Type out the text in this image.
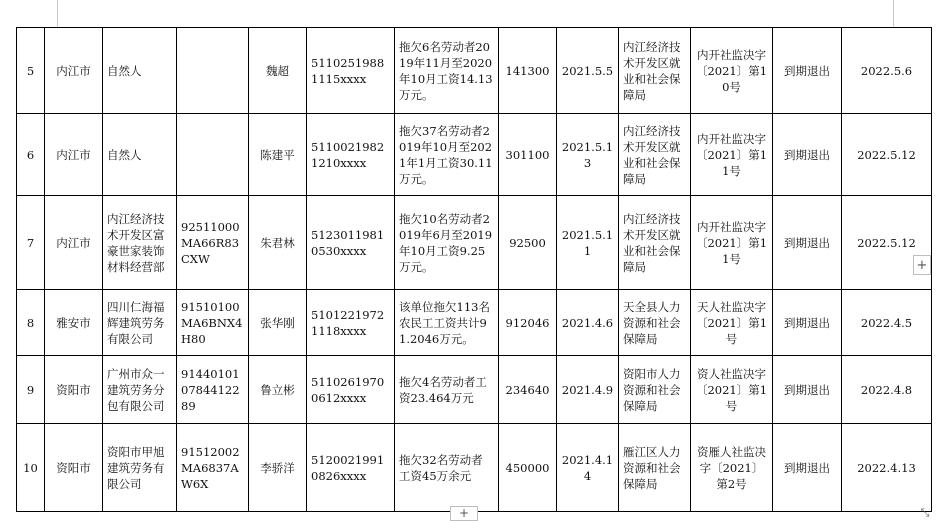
5	内江市	自然人		魏超	51102519881115xxxx	拖欠6名劳动者2019年11月至2020年10月工资14.13万元。	141300	2021.5.5	内江经济技术开发区就业和社会保障局	内开社监决字〔2021〕第10号	到期退出	2022.5.6
6	内江市	自然人		陈建平	51100219821210xxxx	拖欠37名劳动者2019年10月至2021年1月工资30.11万元。	301100	2021.5.13	内江经济技术开发区就业和社会保障局	内开社监决字〔2021〕第11号	到期退出	2022.5.12
7	内江市	内江经济技术开发区富豪世家装饰材料经营部	92511000MA66R83CXW	朱君林	51230119810530xxxx	拖欠10名劳动者2019年6月至2019年10月工资9.25万元。	92500	2021.5.11	内江经济技术开发区就业和社会保障局	内开社监决字〔2021〕第11号	到期退出	2022.5.12
8	雅安市	四川仁海福辉建筑劳务有限公司	91510100MA6BNX4H80	张华刚	51012219721118xxxx	该单位拖欠113名农民工工资共计91.2046万元。	912046	2021.4.6	天全县人力资源和社会保障局	天人社监决字〔2021〕第1号	到期退出	2022.4.5
9	资阳市	广州市众一建筑劳务分包有限公司	91440101 0784412289	鲁立彬	51102619700612xxxx	拖欠4名劳动者工资23.464万元	234640	2021.4.9	资阳市人力资源和社会保障局	资人社监决字〔2021〕第1号	到期退出	2022.4.8
10	资阳市	资阳市甲旭建筑劳务有限公司	91512002MA6837AW6X	李骄洋	51200219910826xxxx	拖欠32名劳动者工资45万余元	450000	2021.4.14	雁江区人力资源和社会保障局	资雁人社监决字〔2021〕第2号	到期退出	2022.4.13
+
+	⤡
